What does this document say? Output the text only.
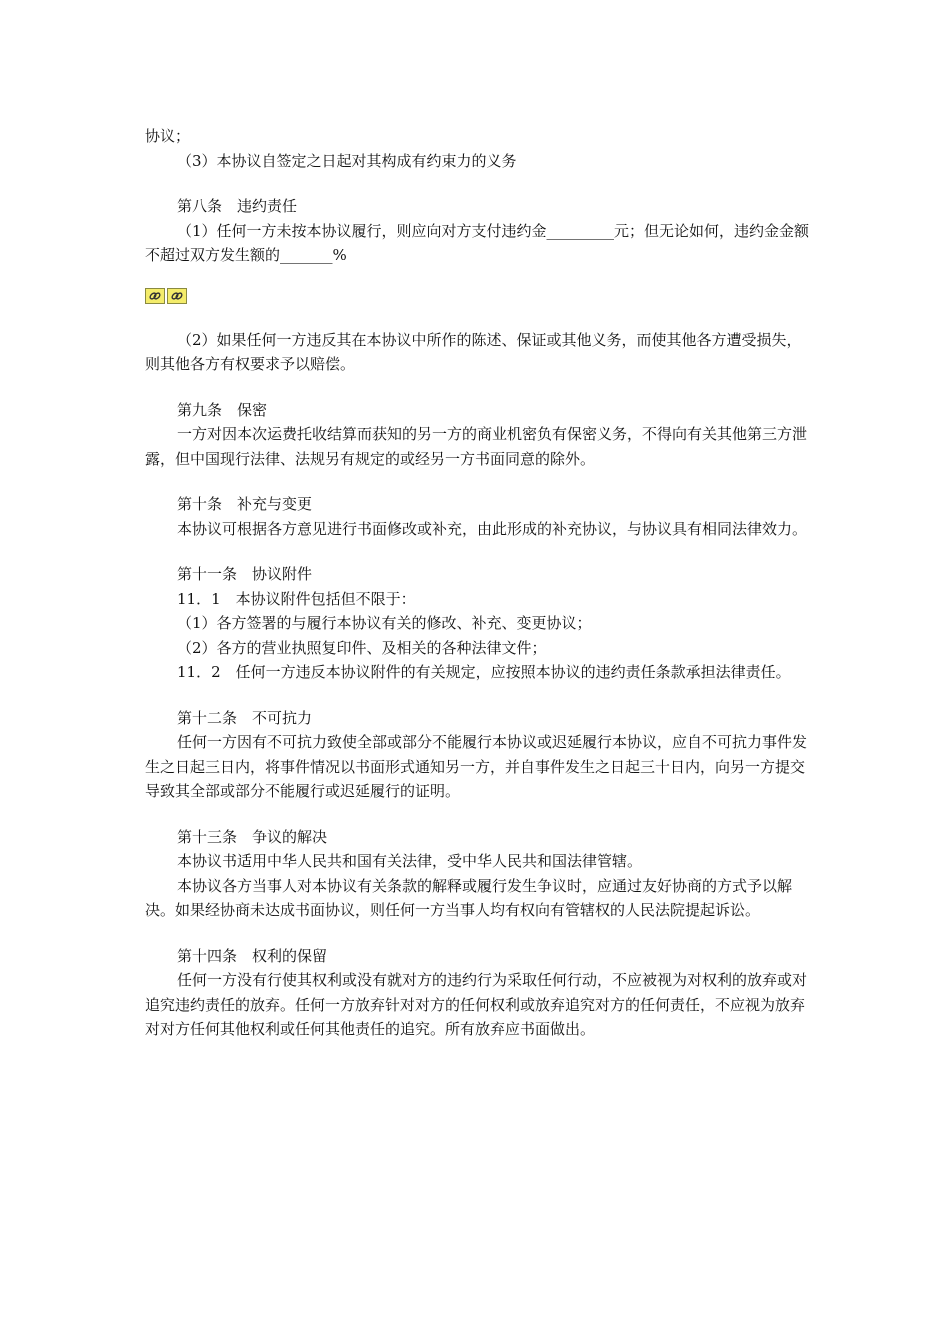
协议；

（3）本协议自签定之日起对其构成有约束力的义务

第八条　违约责任

（1）任何一方未按本协议履行，则应向对方支付违约金_________元；但无论如何，违约金金额不超过双方发生额的_______%

（2）如果任何一方违反其在本协议中所作的陈述、保证或其他义务，而使其他各方遭受损失，则其他各方有权要求予以赔偿。

第九条　保密

一方对因本次运费托收结算而获知的另一方的商业机密负有保密义务，不得向有关其他第三方泄露，但中国现行法律、法规另有规定的或经另一方书面同意的除外。

第十条　补充与变更

本协议可根据各方意见进行书面修改或补充，由此形成的补充协议，与协议具有相同法律效力。

第十一条　协议附件

11．1　本协议附件包括但不限于：

（1）各方签署的与履行本协议有关的修改、补充、变更协议；

（2）各方的营业执照复印件、及相关的各种法律文件；

11．2　任何一方违反本协议附件的有关规定，应按照本协议的违约责任条款承担法律责任。

第十二条　不可抗力

任何一方因有不可抗力致使全部或部分不能履行本协议或迟延履行本协议，应自不可抗力事件发生之日起三日内，将事件情况以书面形式通知另一方，并自事件发生之日起三十日内，向另一方提交导致其全部或部分不能履行或迟延履行的证明。

第十三条　争议的解决

本协议书适用中华人民共和国有关法律，受中华人民共和国法律管辖。

本协议各方当事人对本协议有关条款的解释或履行发生争议时，应通过友好协商的方式予以解决。如果经协商未达成书面协议，则任何一方当事人均有权向有管辖权的人民法院提起诉讼。

第十四条　权利的保留

任何一方没有行使其权利或没有就对方的违约行为采取任何行动，不应被视为对权利的放弃或对追究违约责任的放弃。任何一方放弃针对对方的任何权利或放弃追究对方的任何责任，不应视为放弃对对方任何其他权利或任何其他责任的追究。所有放弃应书面做出。
